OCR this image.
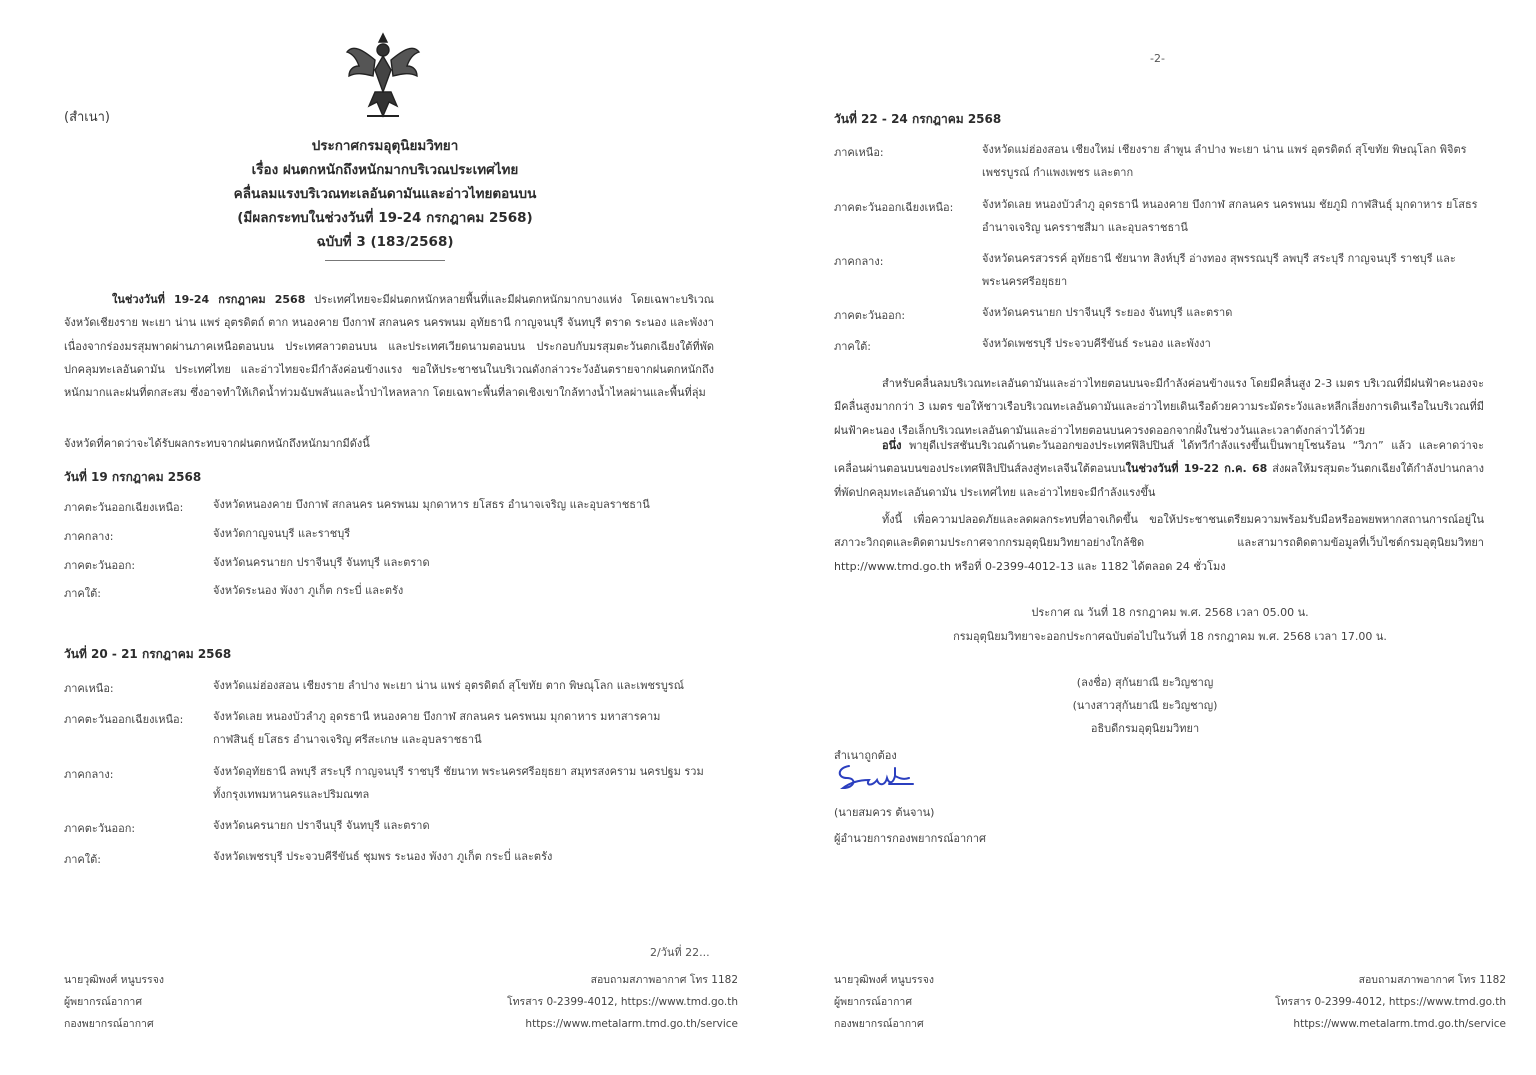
(สำเนา)
ประกาศกรมอุตุนิยมวิทยา
เรื่อง ฝนตกหนักถึงหนักมากบริเวณประเทศไทย
คลื่นลมแรงบริเวณทะเลอันดามันและอ่าวไทยตอนบน
(มีผลกระทบในช่วงวันที่ 19-24 กรกฎาคม 2568)
ฉบับที่ 3 (183/2568)
ในช่วงวันที่ 19-24 กรกฎาคม 2568 ประเทศไทยจะมีฝนตกหนักหลายพื้นที่และมีฝนตกหนักมากบางแห่ง โดยเฉพาะบริเวณจังหวัดเชียงราย พะเยา น่าน แพร่ อุตรดิตถ์ ตาก หนองคาย บึงกาฬ สกลนคร นครพนม อุทัยธานี กาญจนบุรี จันทบุรี ตราด ระนอง และพังงา เนื่องจากร่องมรสุมพาดผ่านภาคเหนือตอนบน ประเทศลาวตอนบน และประเทศเวียดนามตอนบน ประกอบกับมรสุมตะวันตกเฉียงใต้ที่พัดปกคลุมทะเลอันดามัน ประเทศไทย และอ่าวไทยจะมีกำลังค่อนข้างแรง ขอให้ประชาชนในบริเวณดังกล่าวระวังอันตรายจากฝนตกหนักถึงหนักมากและฝนที่ตกสะสม ซึ่งอาจทำให้เกิดน้ำท่วมฉับพลันและน้ำป่าไหลหลาก โดยเฉพาะพื้นที่ลาดเชิงเขาใกล้ทางน้ำไหลผ่านและพื้นที่ลุ่ม
จังหวัดที่คาดว่าจะได้รับผลกระทบจากฝนตกหนักถึงหนักมากมีดังนี้
วันที่ 19 กรกฎาคม 2568
ภาคตะวันออกเฉียงเหนือ:	จังหวัดหนองคาย บึงกาฬ สกลนคร นครพนม มุกดาหาร ยโสธร อำนาจเจริญ และอุบลราชธานี
ภาคกลาง:	จังหวัดกาญจนบุรี และราชบุรี
ภาคตะวันออก:	จังหวัดนครนายก ปราจีนบุรี จันทบุรี และตราด
ภาคใต้:	จังหวัดระนอง พังงา ภูเก็ต กระบี่ และตรัง
วันที่ 20 - 21 กรกฎาคม 2568
ภาคเหนือ:	จังหวัดแม่ฮ่องสอน เชียงราย ลำปาง พะเยา น่าน แพร่ อุตรดิตถ์ สุโขทัย ตาก พิษณุโลก และเพชรบูรณ์
ภาคตะวันออกเฉียงเหนือ:	จังหวัดเลย หนองบัวลำภู อุดรธานี หนองคาย บึงกาฬ สกลนคร นครพนม มุกดาหาร มหาสารคาม กาฬสินธุ์ ยโสธร อำนาจเจริญ ศรีสะเกษ และอุบลราชธานี
ภาคกลาง:	จังหวัดอุทัยธานี ลพบุรี สระบุรี กาญจนบุรี ราชบุรี ชัยนาท พระนครศรีอยุธยา สมุทรสงคราม นครปฐม รวมทั้งกรุงเทพมหานครและปริมณฑล
ภาคตะวันออก:	จังหวัดนครนายก ปราจีนบุรี จันทบุรี และตราด
ภาคใต้:	จังหวัดเพชรบุรี ประจวบคีรีขันธ์ ชุมพร ระนอง พังงา ภูเก็ต กระบี่ และตรัง
2/วันที่ 22...
นายวุฒิพงศ์ หนูบรรจง
ผู้พยากรณ์อากาศ
กองพยากรณ์อากาศ
สอบถามสภาพอากาศ โทร 1182
โทรสาร 0-2399-4012, https://www.tmd.go.th
https://www.metalarm.tmd.go.th/service
-2-
วันที่ 22 - 24 กรกฎาคม 2568
ภาคเหนือ:	จังหวัดแม่ฮ่องสอน เชียงใหม่ เชียงราย ลำพูน ลำปาง พะเยา น่าน แพร่ อุตรดิตถ์ สุโขทัย พิษณุโลก พิจิตร เพชรบูรณ์ กำแพงเพชร และตาก
ภาคตะวันออกเฉียงเหนือ:	จังหวัดเลย หนองบัวลำภู อุดรธานี หนองคาย บึงกาฬ สกลนคร นครพนม ชัยภูมิ กาฬสินธุ์ มุกดาหาร ยโสธร อำนาจเจริญ นครราชสีมา และอุบลราชธานี
ภาคกลาง:	จังหวัดนครสวรรค์ อุทัยธานี ชัยนาท สิงห์บุรี อ่างทอง สุพรรณบุรี ลพบุรี สระบุรี กาญจนบุรี ราชบุรี และพระนครศรีอยุธยา
ภาคตะวันออก:	จังหวัดนครนายก ปราจีนบุรี ระยอง จันทบุรี และตราด
ภาคใต้:	จังหวัดเพชรบุรี ประจวบคีรีขันธ์ ระนอง และพังงา
สำหรับคลื่นลมบริเวณทะเลอันดามันและอ่าวไทยตอนบนจะมีกำลังค่อนข้างแรง โดยมีคลื่นสูง 2-3 เมตร บริเวณที่มีฝนฟ้าคะนองจะมีคลื่นสูงมากกว่า 3 เมตร ขอให้ชาวเรือบริเวณทะเลอันดามันและอ่าวไทยเดินเรือด้วยความระมัดระวังและหลีกเลี่ยงการเดินเรือในบริเวณที่มีฝนฟ้าคะนอง เรือเล็กบริเวณทะเลอันดามันและอ่าวไทยตอนบนควรงดออกจากฝั่งในช่วงวันและเวลาดังกล่าวไว้ด้วย
อนึ่ง พายุดีเปรสชันบริเวณด้านตะวันออกของประเทศฟิลิปปินส์ ได้ทวีกำลังแรงขึ้นเป็นพายุโซนร้อน “วิภา” แล้ว และคาดว่าจะเคลื่อนผ่านตอนบนของประเทศฟิลิปปินส์ลงสู่ทะเลจีนใต้ตอนบนในช่วงวันที่ 19-22 ก.ค. 68 ส่งผลให้มรสุมตะวันตกเฉียงใต้กำลังปานกลางที่พัดปกคลุมทะเลอันดามัน ประเทศไทย และอ่าวไทยจะมีกำลังแรงขึ้น
ทั้งนี้ เพื่อความปลอดภัยและลดผลกระทบที่อาจเกิดขึ้น ขอให้ประชาชนเตรียมความพร้อมรับมือหรืออพยพหากสถานการณ์อยู่ในสภาวะวิกฤตและติดตามประกาศจากกรมอุตุนิยมวิทยาอย่างใกล้ชิด และสามารถติดตามข้อมูลที่เว็บไซต์กรมอุตุนิยมวิทยา http://www.tmd.go.th หรือที่ 0-2399-4012-13 และ 1182 ได้ตลอด 24 ชั่วโมง
ประกาศ ณ วันที่ 18 กรกฎาคม พ.ศ. 2568 เวลา 05.00 น.
กรมอุตุนิยมวิทยาจะออกประกาศฉบับต่อไปในวันที่ 18 กรกฎาคม พ.ศ. 2568 เวลา 17.00 น.
(ลงชื่อ) สุกันยาณี ยะวิญชาญ
(นางสาวสุกันยาณี ยะวิญชาญ)
อธิบดีกรมอุตุนิยมวิทยา
สำเนาถูกต้อง
(นายสมควร ต้นจาน)
ผู้อำนวยการกองพยากรณ์อากาศ
นายวุฒิพงศ์ หนูบรรจง
ผู้พยากรณ์อากาศ
กองพยากรณ์อากาศ
สอบถามสภาพอากาศ โทร 1182
โทรสาร 0-2399-4012, https://www.tmd.go.th
https://www.metalarm.tmd.go.th/service
